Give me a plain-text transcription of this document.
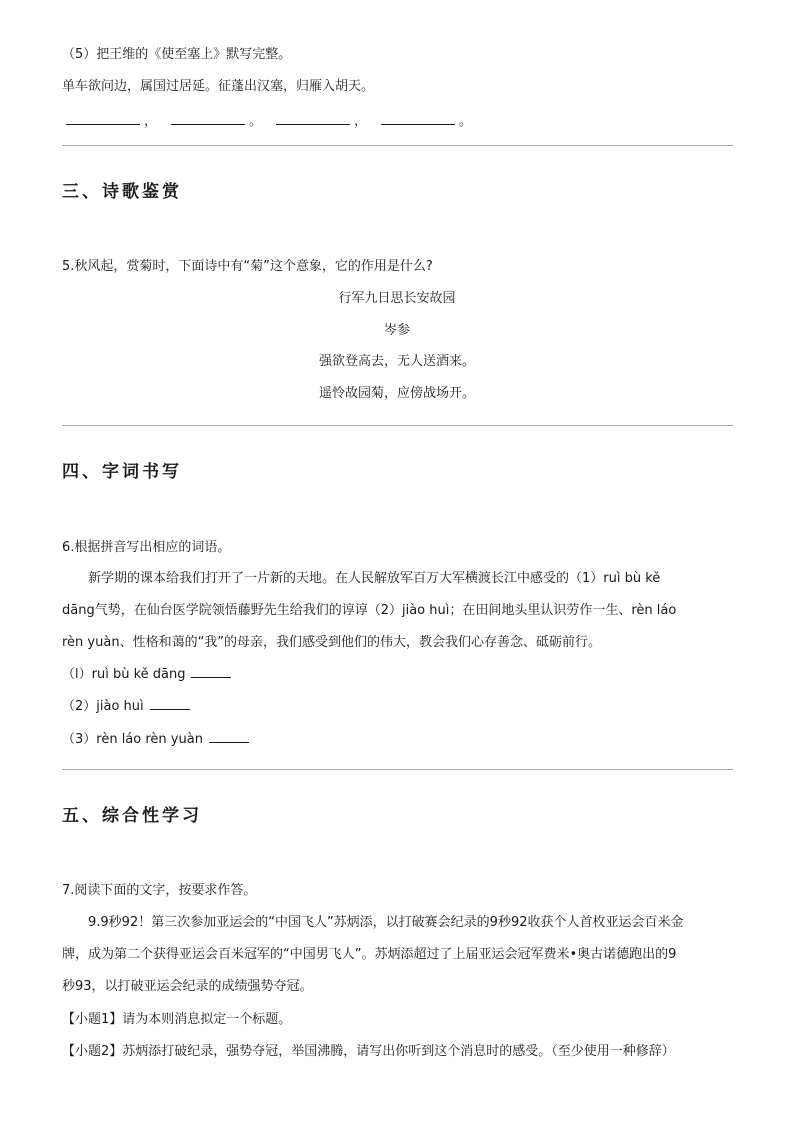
（5）把王维的《使至塞上》默写完整。
单车欲问边，属国过居延。征蓬出汉塞，归雁入胡天。
，	。	，	。
三、诗歌鉴赏
5.秋风起，赏菊时，下面诗中有“菊”这个意象，它的作用是什么?
行军九日思长安故园
岑参
强欲登高去，无人送酒来。
遥怜故园菊，应傍战场开。
四、字词书写
6.根据拼音写出相应的词语。
新学期的课本给我们打开了一片新的天地。在人民解放军百万大军横渡长江中感受的（1）ruì bù kě
dāng气势，在仙台医学院领悟藤野先生给我们的谆谆（2）jiào huì；在田间地头里认识劳作一生、rèn láo
rèn yuàn、性格和蔼的“我”的母亲，我们感受到他们的伟大，教会我们心存善念、砥砺前行。
（l）ruì bù kě dāng
（2）jiào huì
（3）rèn láo rèn yuàn
五、综合性学习
7.阅读下面的文字，按要求作答。
9.9秒92！第三次参加亚运会的“中国飞人”苏炳添，以打破赛会纪录的9秒92收获个人首枚亚运会百米金
牌，成为第二个获得亚运会百米冠军的“中国男飞人”。苏炳添超过了上届亚运会冠军费米•奥古诺德跑出的9
秒93，以打破亚运会纪录的成绩强势夺冠。
【小题1】请为本则消息拟定一个标题。
【小题2】苏炳添打破纪录，强势夺冠，举国沸腾，请写出你听到这个消息时的感受。（至少使用一种修辞）
